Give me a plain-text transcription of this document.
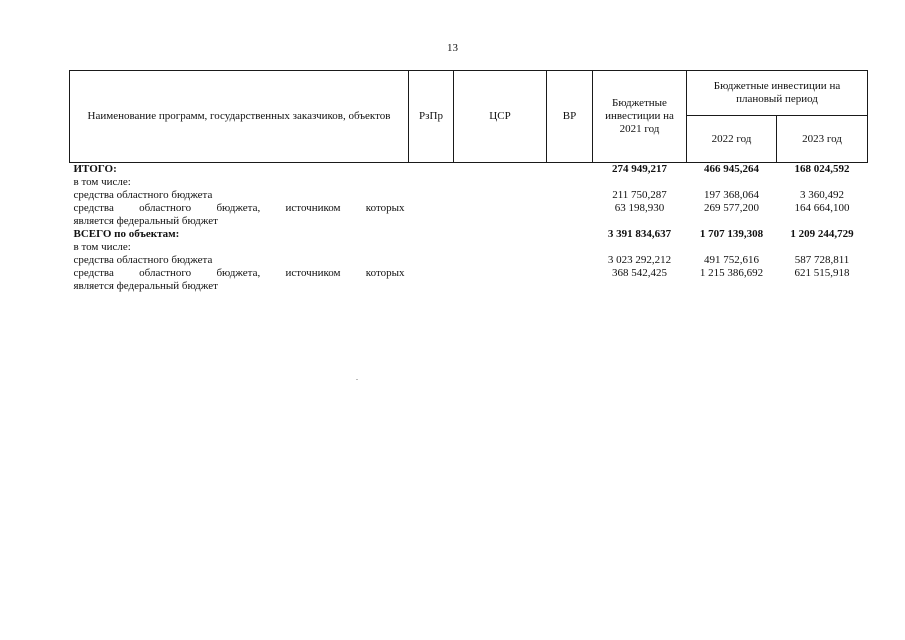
13
Наименование программ, государственных заказчиков, объектов	РзПр	ЦСР	ВР	Бюджетные инвестиции на 2021 год	Бюджетные инвестиции на плановый период	
					2022 год	2023 год
ИТОГО:				274 949,217	466 945,264	168 024,592
в том числе:						
средства областного бюджета				211 750,287	197 368,064	3 360,492

средства областного бюджета, источником которых
является федеральный бюджет				63 198,930	269 577,200	164 664,100
ВСЕГО по объектам:				3 391 834,637	1 707 139,308	1 209 244,729
в том числе:						
средства областного бюджета				3 023 292,212	491 752,616	587 728,811

средства областного бюджета, источником которых
является федеральный бюджет				368 542,425	1 215 386,692	621 515,918
